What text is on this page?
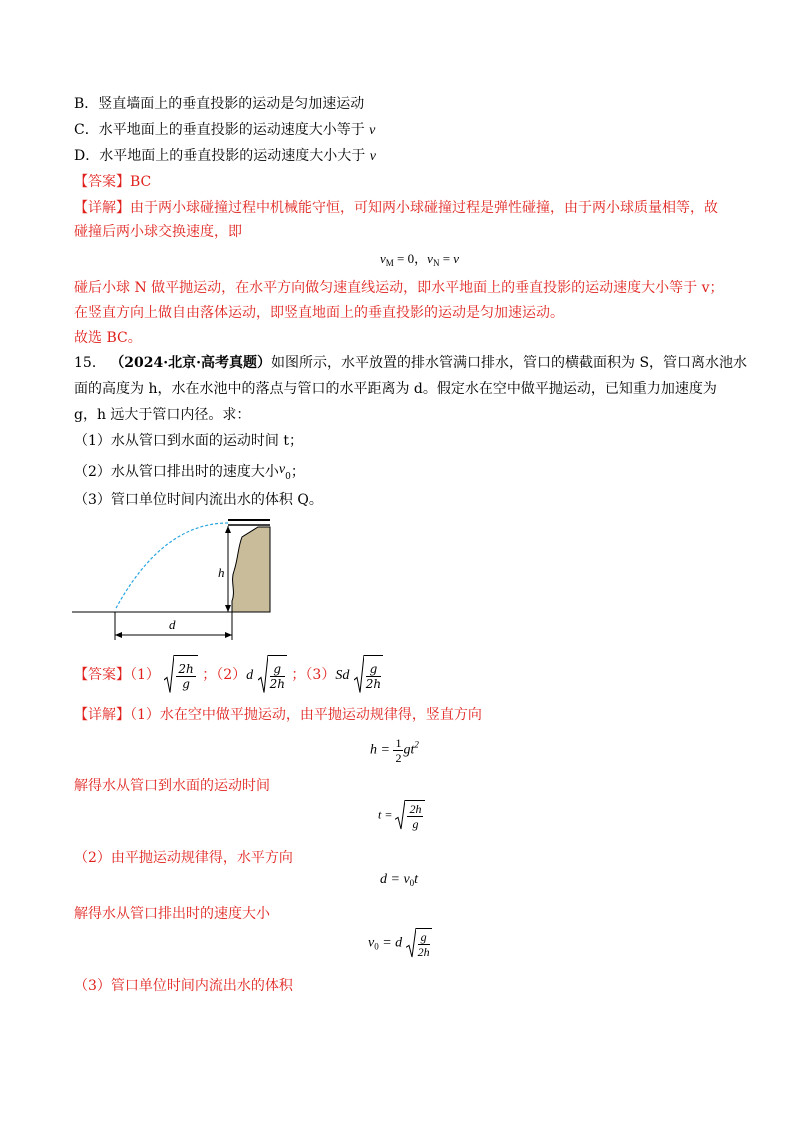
B．竖直墙面上的垂直投影的运动是匀加速运动
C．水平地面上的垂直投影的运动速度大小等于 v
D．水平地面上的垂直投影的运动速度大小大于 v
【答案】BC
【详解】由于两小球碰撞过程中机械能守恒，可知两小球碰撞过程是弹性碰撞，由于两小球质量相等，故
碰撞后两小球交换速度，即
$v_M = 0$，$v_N = v$
碰后小球 N 做平抛运动，在水平方向做匀速直线运动，即水平地面上的垂直投影的运动速度大小等于 v；
在竖直方向上做自由落体运动，即竖直地面上的垂直投影的运动是匀加速运动。
故选 BC。
15． （2024·北京·高考真题）如图所示，水平放置的排水管满口排水，管口的横截面积为 S，管口离水池水
面的高度为 h，水在水池中的落点与管口的水平距离为 d。假定水在空中做平抛运动，已知重力加速度为
g，h 远大于管口内径。求：
（1）水从管口到水面的运动时间 t；
（2）水从管口排出时的速度大小$v_0$；
（3）管口单位时间内流出水的体积 Q。
h
d
【答案】$(1) \frac{2h}{g}$ ；$(2)d \frac{g}{2h}$ ；$(3)Sd \frac{g}{2h}$
【详解】（1）水在空中做平抛运动，由平抛运动规律得，竖直方向
$h = \frac{1}{2} gt^2$
解得水从管口到水面的运动时间
$t = \frac{2h}{g}$
（2）由平抛运动规律得，水平方向
$d = v_0t$
解得水从管口排出时的速度大小
$v_0 = d \frac{g}{2h}$
（3）管口单位时间内流出水的体积
